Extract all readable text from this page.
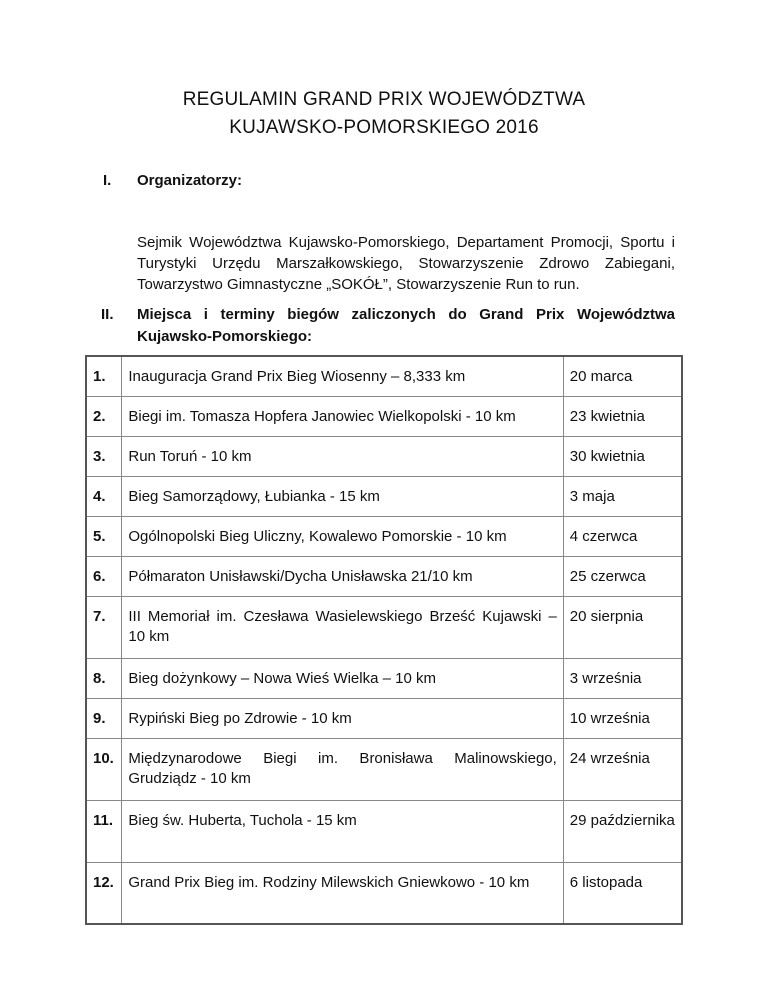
REGULAMIN GRAND PRIX WOJEWÓDZTWA
KUJAWSKO-POMORSKIEGO 2016
I. Organizatorzy:
Sejmik Województwa Kujawsko-Pomorskiego, Departament Promocji, Sportu i Turystyki Urzędu Marszałkowskiego, Stowarzyszenie Zdrowo Zabiegani, Towarzystwo Gimnastyczne „SOKÓŁ”, Stowarzyszenie Run to run.
II. Miejsca i terminy biegów zaliczonych do Grand Prix Województwa Kujawsko-Pomorskiego:
1.	Inauguracja Grand Prix Bieg Wiosenny – 8,333 km	20 marca
2.	Biegi im. Tomasza Hopfera Janowiec Wielkopolski - 10 km	23 kwietnia
3.	Run Toruń - 10 km	30 kwietnia
4.	Bieg Samorządowy, Łubianka - 15 km	3 maja
5.	Ogólnopolski Bieg Uliczny, Kowalewo Pomorskie - 10 km	4 czerwca
6.	Półmaraton Unisławski/Dycha Unisławska 21/10 km	25 czerwca
7.	III Memoriał im. Czesława Wasielewskiego Brześć Kujawski – 10 km	20 sierpnia
8.	Bieg dożynkowy – Nowa Wieś Wielka – 10 km	3 września
9.	Rypiński Bieg po Zdrowie - 10 km	10 września
10.	Międzynarodowe Biegi im. Bronisława Malinowskiego, Grudziądz - 10 km	24 września
11.	Bieg św. Huberta, Tuchola - 15 km	29 października
12.	Grand Prix Bieg im. Rodziny Milewskich Gniewkowo - 10 km	6 listopada
